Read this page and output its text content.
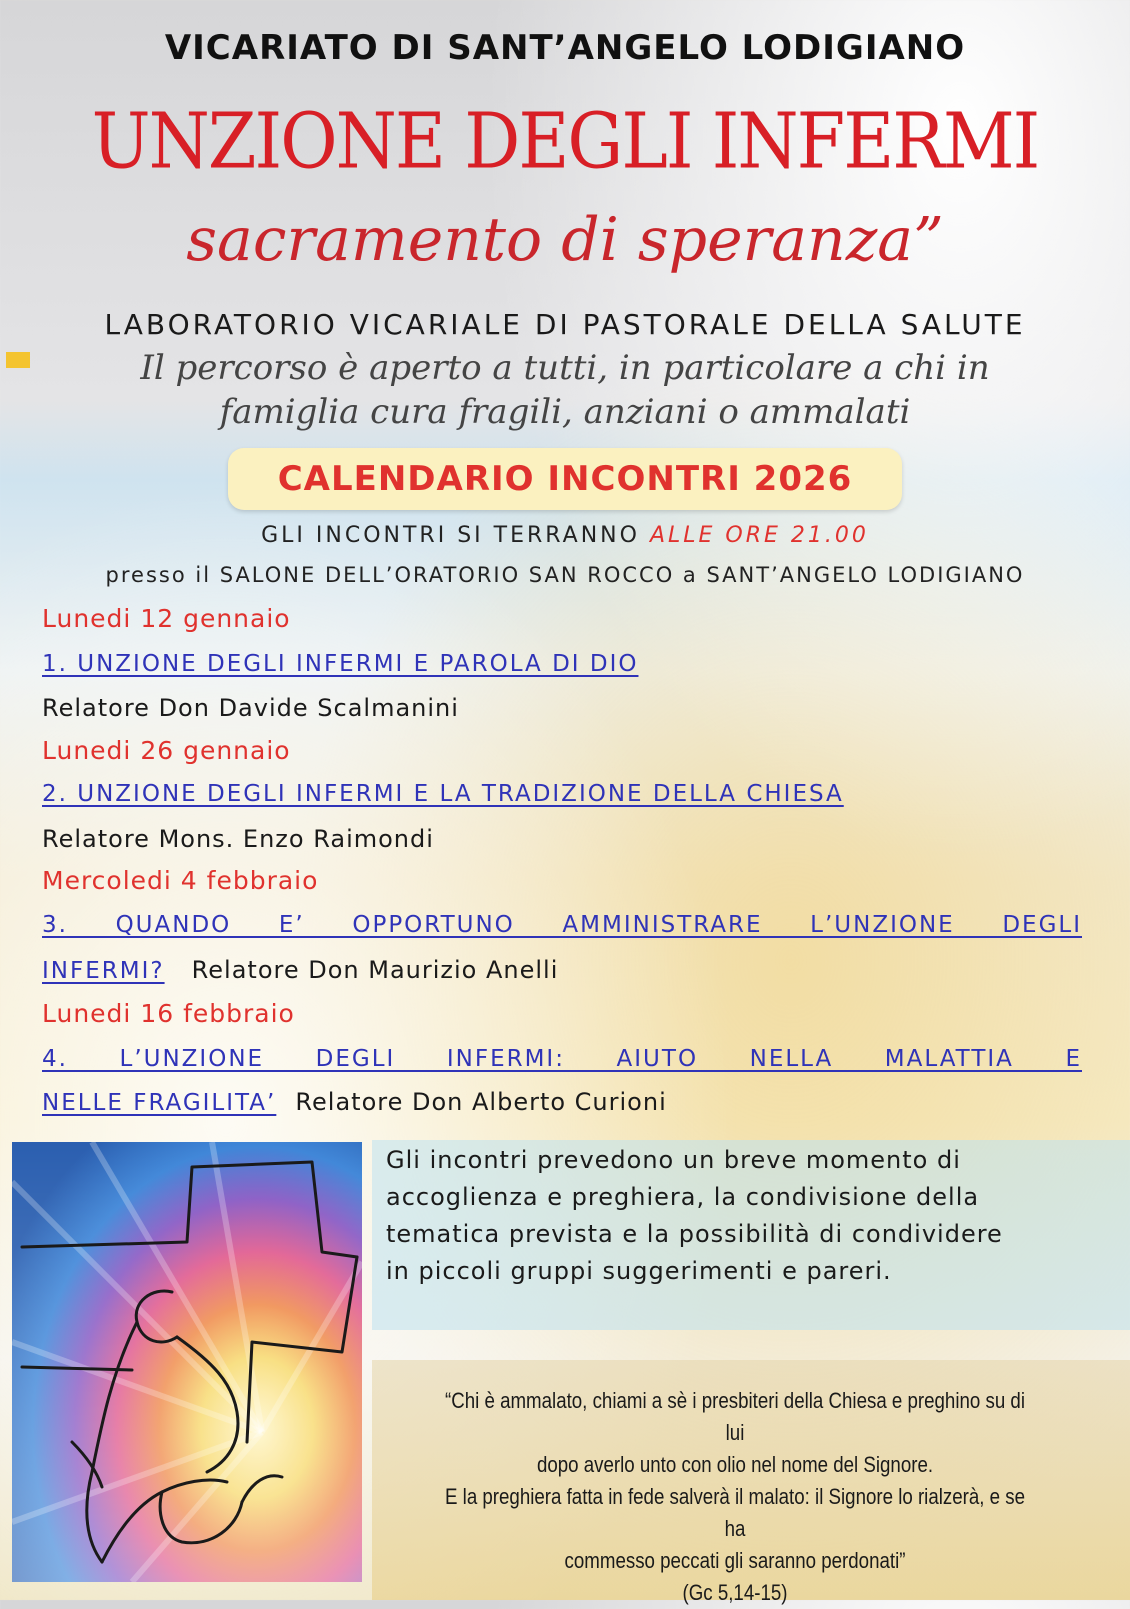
VICARIATO DI SANT’ANGELO LODIGIANO
UNZIONE DEGLI INFERMI
sacramento di speranza”
LABORATORIO VICARIALE DI PASTORALE DELLA SALUTE
Il percorso è aperto a tutti, in particolare a chi in
famiglia cura fragili, anziani o ammalati
CALENDARIO INCONTRI 2026
GLI INCONTRI SI TERRANNO ALLE ORE 21.00
presso il SALONE DELL’ORATORIO SAN ROCCO a SANT’ANGELO LODIGIANO
Lunedi 12 gennaio
1. UNZIONE DEGLI INFERMI E PAROLA DI DIO
Relatore Don Davide Scalmanini
Lunedi 26 gennaio
2. UNZIONE DEGLI INFERMI E LA TRADIZIONE DELLA CHIESA
Relatore Mons. Enzo Raimondi
Mercoledi 4 febbraio
3. QUANDO E’ OPPORTUNO AMMINISTRARE L’UNZIONE DEGLI
INFERMI? Relatore Don Maurizio Anelli
Lunedi 16 febbraio
4. L’UNZIONE DEGLI INFERMI: AIUTO NELLA MALATTIA E
NELLE FRAGILITA’ Relatore Don Alberto Curioni
Gli incontri prevedono un breve momento di
accoglienza e preghiera, la condivisione della
tematica prevista e la possibilità di condividere
in piccoli gruppi suggerimenti e pareri.
“Chi è ammalato, chiami a sè i presbiteri della Chiesa e preghino su di lui
dopo averlo unto con olio nel nome del Signore.
E la preghiera fatta in fede salverà il malato: il Signore lo rialzerà, e se ha
commesso peccati gli saranno perdonati”
(Gc 5,14-15)
